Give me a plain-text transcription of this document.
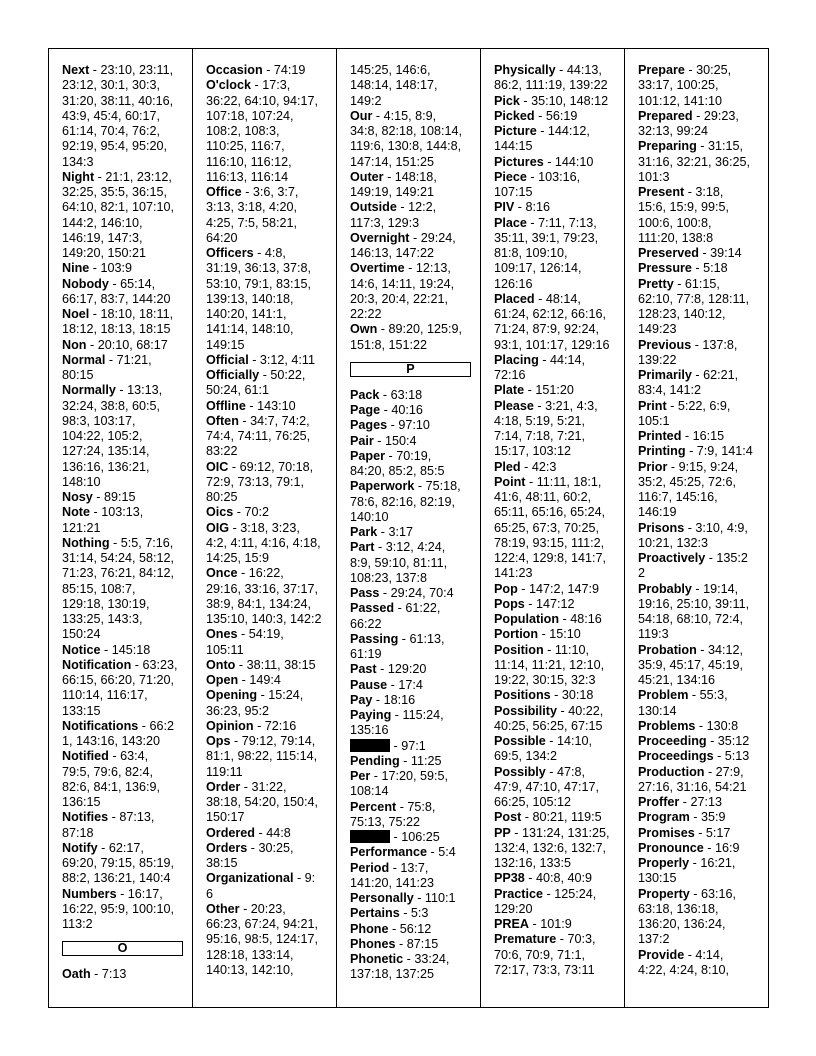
Next - 23:10, 23:11,
23:12, 30:1, 30:3,
31:20, 38:11, 40:16,
43:9, 45:4, 60:17,
61:14, 70:4, 76:2,
92:19, 95:4, 95:20,
134:3
Night - 21:1, 23:12,
32:25, 35:5, 36:15,
64:10, 82:1, 107:10,
144:2, 146:10,
146:19, 147:3,
149:20, 150:21
Nine - 103:9
Nobody - 65:14,
66:17, 83:7, 144:20
Noel - 18:10, 18:11,
18:12, 18:13, 18:15
Non - 20:10, 68:17
Normal - 71:21,
80:15
Normally - 13:13,
32:24, 38:8, 60:5,
98:3, 103:17,
104:22, 105:2,
127:24, 135:14,
136:16, 136:21,
148:10
Nosy - 89:15
Note - 103:13,
121:21
Nothing - 5:5, 7:16,
31:14, 54:24, 58:12,
71:23, 76:21, 84:12,
85:15, 108:7,
129:18, 130:19,
133:25, 143:3,
150:24
Notice - 145:18
Notification - 63:23,
66:15, 66:20, 71:20,
110:14, 116:17,
133:15
Notifications - 66:2
1, 143:16, 143:20
Notified - 63:4,
79:5, 79:6, 82:4,
82:6, 84:1, 136:9,
136:15
Notifies - 87:13,
87:18
Notify - 62:17,
69:20, 79:15, 85:19,
88:2, 136:21, 140:4
Numbers - 16:17,
16:22, 95:9, 100:10,
113:2
O
Oath - 7:13
Occasion - 74:19
O'clock - 17:3,
36:22, 64:10, 94:17,
107:18, 107:24,
108:2, 108:3,
110:25, 116:7,
116:10, 116:12,
116:13, 116:14
Office - 3:6, 3:7,
3:13, 3:18, 4:20,
4:25, 7:5, 58:21,
64:20
Officers - 4:8,
31:19, 36:13, 37:8,
53:10, 79:1, 83:15,
139:13, 140:18,
140:20, 141:1,
141:14, 148:10,
149:15
Official - 3:12, 4:11
Officially - 50:22,
50:24, 61:1
Offline - 143:10
Often - 34:7, 74:2,
74:4, 74:11, 76:25,
83:22
OIC - 69:12, 70:18,
72:9, 73:13, 79:1,
80:25
Oics - 70:2
OIG - 3:18, 3:23,
4:2, 4:11, 4:16, 4:18,
14:25, 15:9
Once - 16:22,
29:16, 33:16, 37:17,
38:9, 84:1, 134:24,
135:10, 140:3, 142:2
Ones - 54:19,
105:11
Onto - 38:11, 38:15
Open - 149:4
Opening - 15:24,
36:23, 95:2
Opinion - 72:16
Ops - 79:12, 79:14,
81:1, 98:22, 115:14,
119:11
Order - 31:22,
38:18, 54:20, 150:4,
150:17
Ordered - 44:8
Orders - 30:25,
38:15
Organizational - 9:
6
Other - 20:23,
66:23, 67:24, 94:21,
95:16, 98:5, 124:17,
128:18, 133:14,
140:13, 142:10,
145:25, 146:6,
148:14, 148:17,
149:2
Our - 4:15, 8:9,
34:8, 82:18, 108:14,
119:6, 130:8, 144:8,
147:14, 151:25
Outer - 148:18,
149:19, 149:21
Outside - 12:2,
117:3, 129:3
Overnight - 29:24,
146:13, 147:22
Overtime - 12:13,
14:6, 14:11, 19:24,
20:3, 20:4, 22:21,
22:22
Own - 89:20, 125:9,
151:8, 151:22
P
Pack - 63:18
Page - 40:16
Pages - 97:10
Pair - 150:4
Paper - 70:19,
84:20, 85:2, 85:5
Paperwork - 75:18,
78:6, 82:16, 82:19,
140:10
Park - 3:17
Part - 3:12, 4:24,
8:9, 59:10, 81:11,
108:23, 137:8
Pass - 29:24, 70:4
Passed - 61:22,
66:22
Passing - 61:13,
61:19
Past - 129:20
Pause - 17:4
Pay - 18:16
Paying - 115:24,
135:16
- 97:1
Pending - 11:25
Per - 17:20, 59:5,
108:14
Percent - 75:8,
75:13, 75:22
- 106:25
Performance - 5:4
Period - 13:7,
141:20, 141:23
Personally - 110:1
Pertains - 5:3
Phone - 56:12
Phones - 87:15
Phonetic - 33:24,
137:18, 137:25
Physically - 44:13,
86:2, 111:19, 139:22
Pick - 35:10, 148:12
Picked - 56:19
Picture - 144:12,
144:15
Pictures - 144:10
Piece - 103:16,
107:15
PIV - 8:16
Place - 7:11, 7:13,
35:11, 39:1, 79:23,
81:8, 109:10,
109:17, 126:14,
126:16
Placed - 48:14,
61:24, 62:12, 66:16,
71:24, 87:9, 92:24,
93:1, 101:17, 129:16
Placing - 44:14,
72:16
Plate - 151:20
Please - 3:21, 4:3,
4:18, 5:19, 5:21,
7:14, 7:18, 7:21,
15:17, 103:12
Pled - 42:3
Point - 11:11, 18:1,
41:6, 48:11, 60:2,
65:11, 65:16, 65:24,
65:25, 67:3, 70:25,
78:19, 93:15, 111:2,
122:4, 129:8, 141:7,
141:23
Pop - 147:2, 147:9
Pops - 147:12
Population - 48:16
Portion - 15:10
Position - 11:10,
11:14, 11:21, 12:10,
19:22, 30:15, 32:3
Positions - 30:18
Possibility - 40:22,
40:25, 56:25, 67:15
Possible - 14:10,
69:5, 134:2
Possibly - 47:8,
47:9, 47:10, 47:17,
66:25, 105:12
Post - 80:21, 119:5
PP - 131:24, 131:25,
132:4, 132:6, 132:7,
132:16, 133:5
PP38 - 40:8, 40:9
Practice - 125:24,
129:20
PREA - 101:9
Premature - 70:3,
70:6, 70:9, 71:1,
72:17, 73:3, 73:11
Prepare - 30:25,
33:17, 100:25,
101:12, 141:10
Prepared - 29:23,
32:13, 99:24
Preparing - 31:15,
31:16, 32:21, 36:25,
101:3
Present - 3:18,
15:6, 15:9, 99:5,
100:6, 100:8,
111:20, 138:8
Preserved - 39:14
Pressure - 5:18
Pretty - 61:15,
62:10, 77:8, 128:11,
128:23, 140:12,
149:23
Previous - 137:8,
139:22
Primarily - 62:21,
83:4, 141:2
Print - 5:22, 6:9,
105:1
Printed - 16:15
Printing - 7:9, 141:4
Prior - 9:15, 9:24,
35:2, 45:25, 72:6,
116:7, 145:16,
146:19
Prisons - 3:10, 4:9,
10:21, 132:3
Proactively - 135:2
2
Probably - 19:14,
19:16, 25:10, 39:11,
54:18, 68:10, 72:4,
119:3
Probation - 34:12,
35:9, 45:17, 45:19,
45:21, 134:16
Problem - 55:3,
130:14
Problems - 130:8
Proceeding - 35:12
Proceedings - 5:13
Production - 27:9,
27:16, 31:16, 54:21
Proffer - 27:13
Program - 35:9
Promises - 5:17
Pronounce - 16:9
Properly - 16:21,
130:15
Property - 63:16,
63:18, 136:18,
136:20, 136:24,
137:2
Provide - 4:14,
4:22, 4:24, 8:10,
